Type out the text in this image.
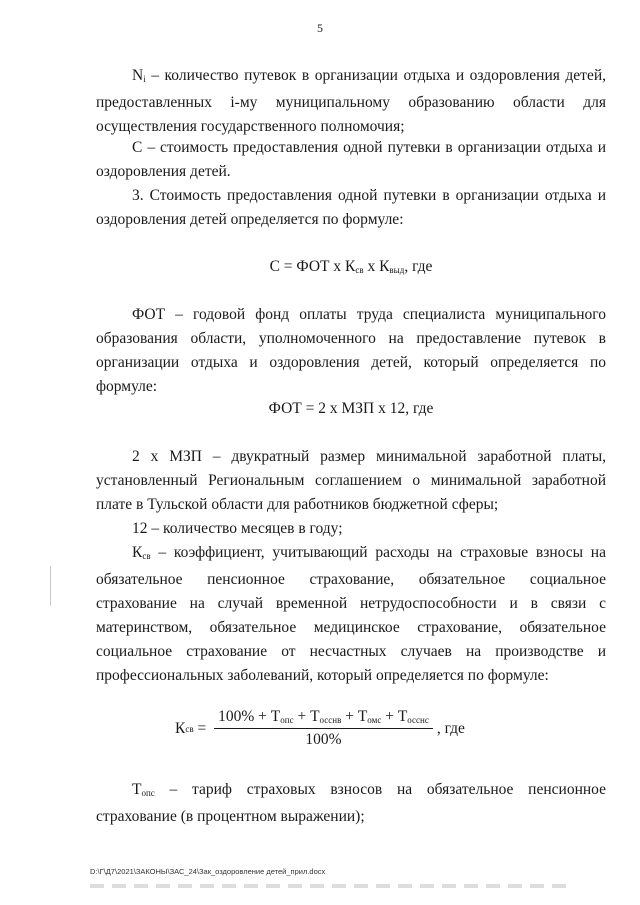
5

$N_i$ – количество путевок в организации отдыха и оздоровления детей, предоставленных i-му муниципальному образованию области для осуществления государственного полномочия;

С – стоимость предоставления одной путевки в организации отдыха и оздоровления детей.

3. Стоимость предоставления одной путевки в организации отдыха и оздоровления детей определяется по формуле:

С = ФОТ х $К_{св}$ х $К_{выд}$, где

ФОТ – годовой фонд оплаты труда специалиста муниципального образования области, уполномоченного на предоставление путевок в организации отдыха и оздоровления детей, который определяется по формуле:

ФОТ = 2 х МЗП х 12, где

2 х МЗП – двукратный размер минимальной заработной платы, установленный Региональным соглашением о минимальной заработной плате в Тульской области для работников бюджетной сферы;

12 – количество месяцев в году;

$К_{св}$ – коэффициент, учитывающий расходы на страховые взносы на обязательное пенсионное страхование, обязательное социальное страхование на случай временной нетрудоспособности и в связи с материнством, обязательное медицинское страхование, обязательное социальное страхование от несчастных случаев на производстве и профессиональных заболеваний, который определяется по формуле:

К св = $\frac{100\% + Т_{опс} + Т_{осснв} + Т_{омс} + Т_{осснс}}{100\%}$ , где

$Т_{опс}$ – тариф страховых взносов на обязательное пенсионное страхование (в процентном выражении);

D:\Г\Д7\2021\ЗАКОНЫ\ЗАС_24\Зак_оздоровление детей_прил.docx
